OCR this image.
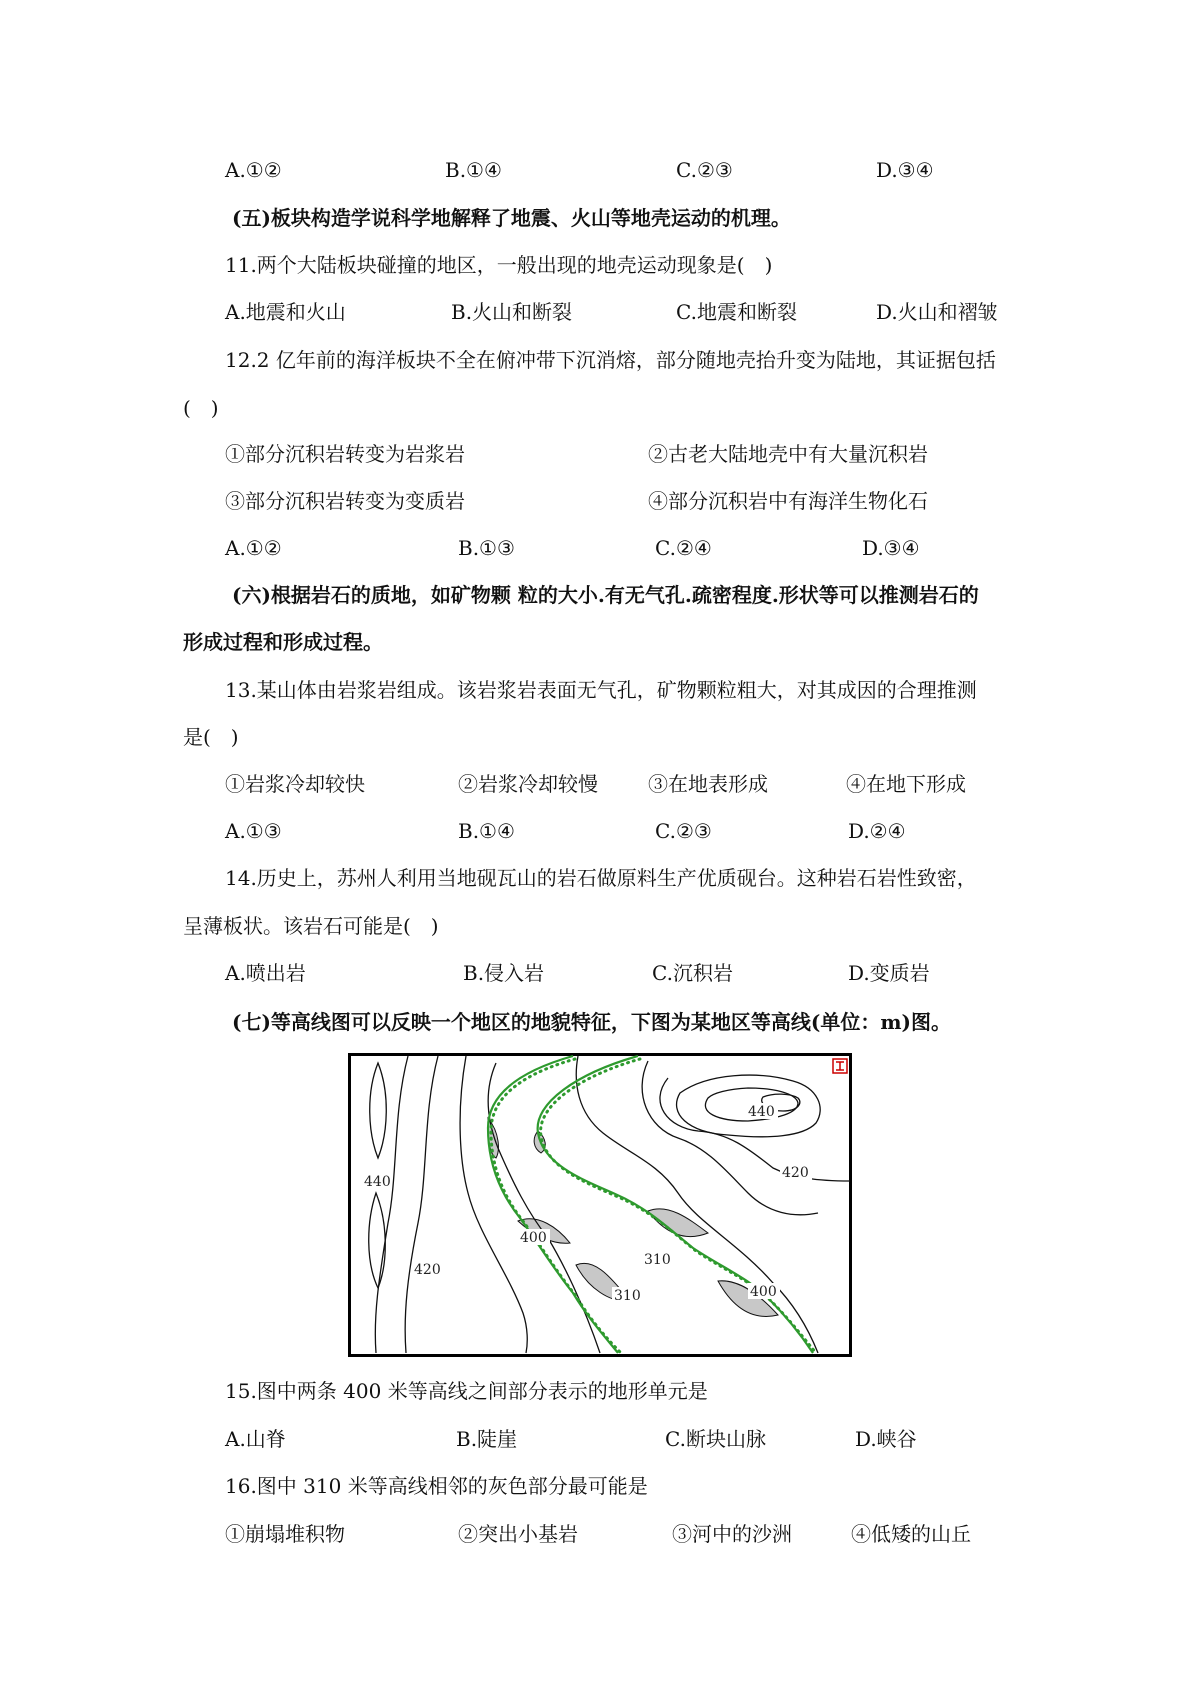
A.①②	B.①④	C.②③	D.③④
(五)板块构造学说科学地解释了地震、火山等地壳运动的机理。
11.两个大陆板块碰撞的地区，一般出现的地壳运动现象是(　)
A.地震和火山	B.火山和断裂	C.地震和断裂	D.火山和褶皱
12.2 亿年前的海洋板块不全在俯冲带下沉消熔，部分随地壳抬升变为陆地，其证据包括
(　)
①部分沉积岩转变为岩浆岩	②古老大陆地壳中有大量沉积岩
③部分沉积岩转变为变质岩	④部分沉积岩中有海洋生物化石
A.①②	B.①③	C.②④	D.③④
(六)根据岩石的质地，如矿物颗 粒的大小.有无气孔.疏密程度.形状等可以推测岩石的
形成过程和形成过程。
13.某山体由岩浆岩组成。该岩浆岩表面无气孔，矿物颗粒粗大，对其成因的合理推测
是(　)
①岩浆冷却较快	②岩浆冷却较慢	③在地表形成	④在地下形成
A.①③	B.①④	C.②③	D.②④
14.历史上，苏州人利用当地砚瓦山的岩石做原料生产优质砚台。这种岩石岩性致密，
呈薄板状。该岩石可能是(　)
A.喷出岩	B.侵入岩	C.沉积岩	D.变质岩
(七)等高线图可以反映一个地区的地貌特征，下图为某地区等高线(单位：m)图。
440
440
420
420
400
310
310	400
15.图中两条 400 米等高线之间部分表示的地形单元是
A.山脊	B.陡崖	C.断块山脉	D.峡谷
16.图中 310 米等高线相邻的灰色部分最可能是
①崩塌堆积物	②突出小基岩	③河中的沙洲	④低矮的山丘
